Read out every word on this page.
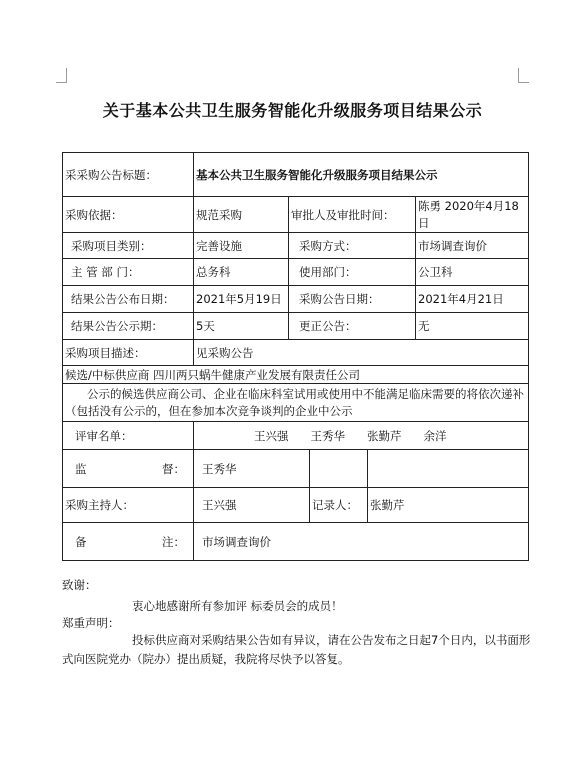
关于基本公共卫生服务智能化升级服务项目结果公示
采采购公告标题：	基本公共卫生服务智能化升级服务项目结果公示				
采购依据：	规范采购	审批人及审批时间：			陈勇 2020年4月18日
采购项目类别：	完善设施	采购方式：			市场调查询价
主 管 部 门：	总务科	使用部门：			公卫科
结果公告公布日期：	2021年5月19日	采购公告日期：			2021年4月21日
结果公告公示期：	5天	更正公告：			无
采购项目描述：	见采购公告				
候选/中标供应商 四川两只蜗牛健康产业发展有限责任公司					
公示的候选供应商公司、企业在临床科室试用或使用中不能满足临床需要的将依次递补（包括没有公示的，但在参加本次竞争谈判的企业中公示					
评审名单：	王兴强 王秀华 张勤芹 余洋				

监 督：	王秀华				
采购主持人：	王兴强		记录人：	张勤芹	

备 注：	市场调查询价				
致谢：
衷心地感谢所有参加评 标委员会的成员！
郑重声明：
投标供应商对采购结果公告如有异议，请在公告发布之日起7个日内，以书面形式向医院党办（院办）提出质疑，我院将尽快予以答复。
